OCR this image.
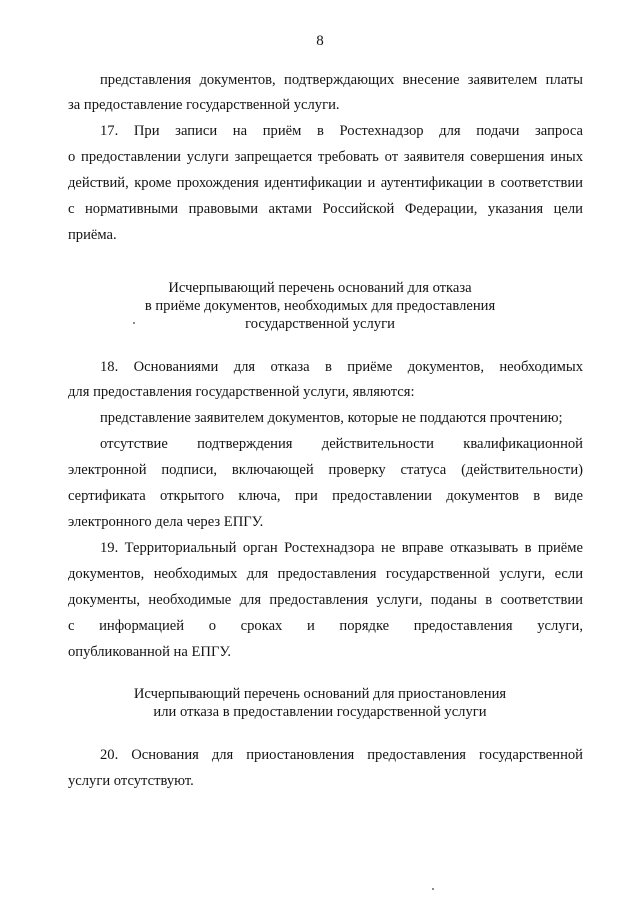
8
представления документов, подтверждающих внесение заявителем платы
за предоставление государственной услуги.
17. При записи на приём в Ростехнадзор для подачи запроса
о предоставлении услуги запрещается требовать от заявителя совершения иных
действий, кроме прохождения идентификации и аутентификации в соответствии
с нормативными правовыми актами Российской Федерации, указания цели
приёма.
Исчерпывающий перечень оснований для отказа
в приёме документов, необходимых для предоставления
государственной услуги
18. Основаниями для отказа в приёме документов, необходимых
для предоставления государственной услуги, являются:
представление заявителем документов, которые не поддаются прочтению;
отсутствие подтверждения действительности квалификационной
электронной подписи, включающей проверку статуса (действительности)
сертификата открытого ключа, при предоставлении документов в виде
электронного дела через ЕПГУ.
19. Территориальный орган Ростехнадзора не вправе отказывать в приёме
документов, необходимых для предоставления государственной услуги, если
документы, необходимые для предоставления услуги, поданы в соответствии
с информацией о сроках и порядке предоставления услуги,
опубликованной на ЕПГУ.
Исчерпывающий перечень оснований для приостановления
или отказа в предоставлении государственной услуги
20. Основания для приостановления предоставления государственной
услуги отсутствуют.
